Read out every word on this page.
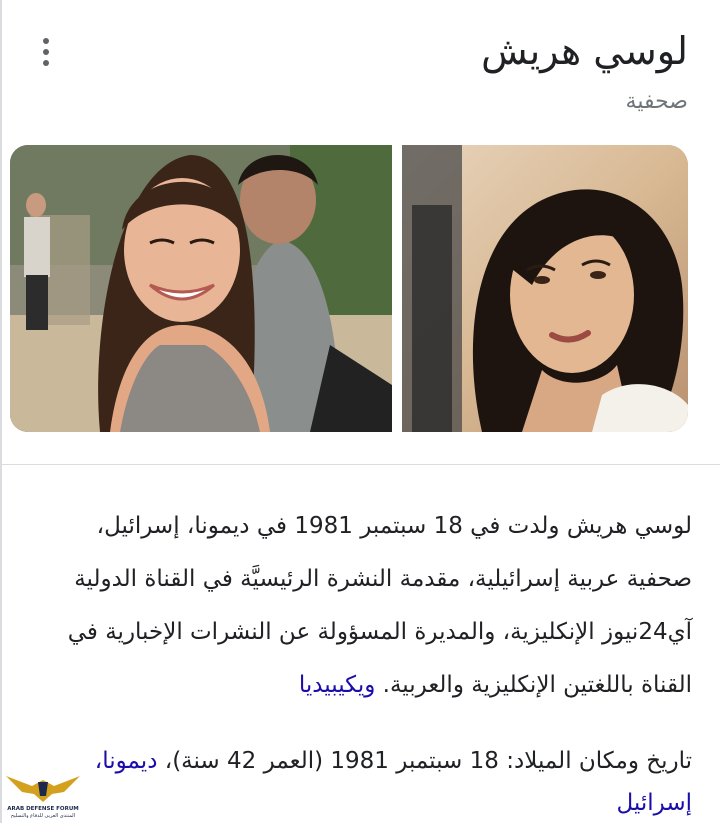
لوسي هريش
صحفية
لوسي هريش ولدت في 18 سبتمبر 1981 في ديمونا، إسرائيل، صحفية عربية إسرائيلية، مقدمة النشرة الرئيسيَّة في القناة الدولية آي24نيوز الإنكليزية، والمديرة المسؤولة عن النشرات الإخبارية في القناة باللغتين الإنكليزية والعربية. ويكيبيديا
تاريخ ومكان الميلاد: 18 سبتمبر 1981 (العمر 42 سنة)، ديمونا، إسرائيل
ARAB DEFENSE FORUM
المنتدى العربي للدفاع والتسليح
